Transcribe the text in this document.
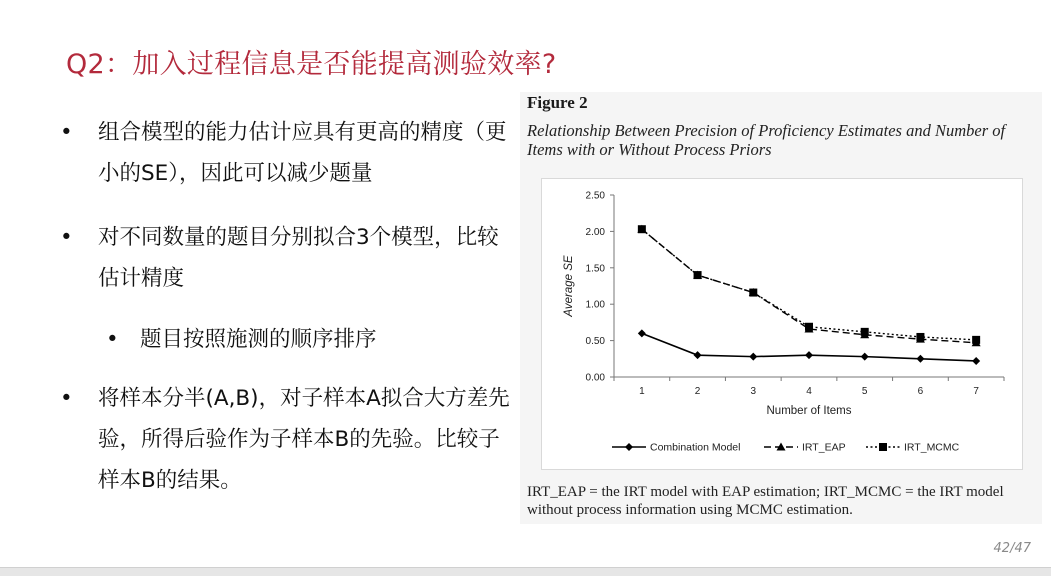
Q2：加入过程信息是否能提高测验效率?
• 组合模型的能力估计应具有更高的精度（更小的SE），因此可以减少题量
• 对不同数量的题目分别拟合3个模型，比较估计精度
• 题目按照施测的顺序排序
• 将样本分半(A,B)，对子样本A拟合大方差先验，所得后验作为子样本B的先验。比较子样本B的结果。
Figure 2
Relationship Between Precision of Proficiency Estimates and Number of Items with or Without Process Priors
0.00
0.50
1.00
1.50
2.00
2.50
1	2	3	4	5	6	7
Number of Items
Average SE
Combination Model	IRT_EAP	IRT_MCMC
IRT_EAP = the IRT model with EAP estimation; IRT_MCMC = the IRT model without process information using MCMC estimation.
42/47
